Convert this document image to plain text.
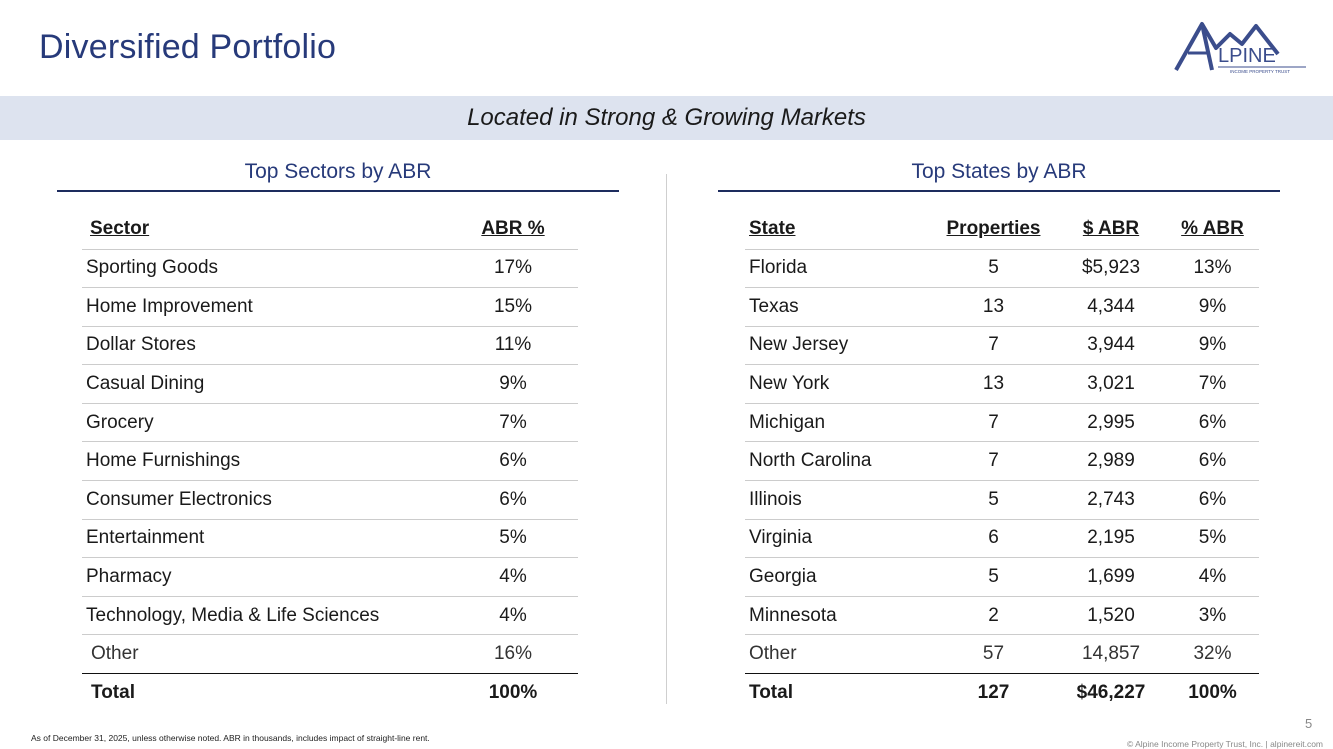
Diversified Portfolio	LPINE
INCOME PROPERTY TRUST
Located in Strong & Growing Markets
Top Sectors by ABR	Top States by ABR
Sector	ABR %
Sporting Goods	17%
Home Improvement	15%
Dollar Stores	11%
Casual Dining	9%
Grocery	7%
Home Furnishings	6%
Consumer Electronics	6%
Entertainment	5%
Pharmacy	4%
Technology, Media & Life Sciences	4%
Other	16%
Total	100%
State	Properties	$ ABR	% ABR
Florida	5	$5,923	13%
Texas	13	4,344	9%
New Jersey	7	3,944	9%
New York	13	3,021	7%
Michigan	7	2,995	6%
North Carolina	7	2,989	6%
Illinois	5	2,743	6%
Virginia	6	2,195	5%
Georgia	5	1,699	4%
Minnesota	2	1,520	3%
Other	57	14,857	32%
Total	127	$46,227	100%
As of December 31, 2025, unless otherwise noted. ABR in thousands, includes impact of straight-line rent.
5
© Alpine Income Property Trust, Inc. | alpinereit.com
